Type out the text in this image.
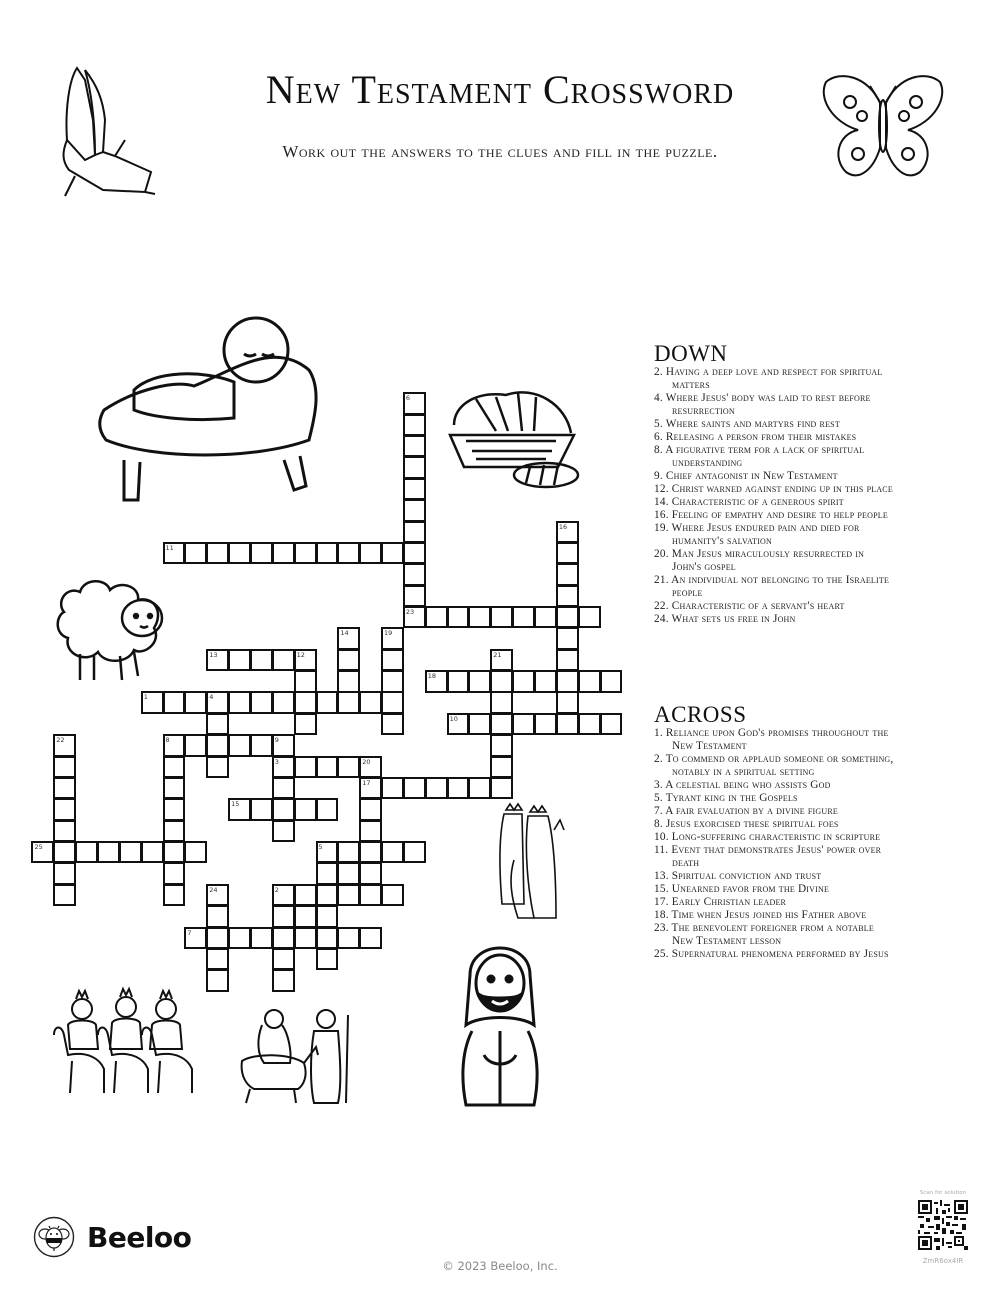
New Testament Crossword
Work out the answers to the clues and fill in the puzzle.
1	4
2
3	20
5
7
8	9
10
11
13	12
15
17
18
23
25
6
14
16
19
21
22
24
DOWN
2. Having a deep love and respect for spiritual matters
4. Where Jesus' body was laid to rest before resurrection
5. Where saints and martyrs find rest
6. Releasing a person from their mistakes
8. A figurative term for a lack of spiritual understanding
9. Chief antagonist in New Testament
12. Christ warned against ending up in this place
14. Characteristic of a generous spirit
16. Feeling of empathy and desire to help people
19. Where Jesus endured pain and died for humanity's salvation
20. Man Jesus miraculously resurrected in John's gospel
21. An individual not belonging to the Israelite people
22. Characteristic of a servant's heart
24. What sets us free in John
ACROSS
1. Reliance upon God's promises throughout the New Testament
2. To commend or applaud someone or something, notably in a spiritual setting
3. A celestial being who assists God
5. Tyrant king in the Gospels
7. A fair evaluation by a divine figure
8. Jesus exorcised these spiritual foes
10. Long-suffering characteristic in scripture
11. Event that demonstrates Jesus' power over death
13. Spiritual conviction and trust
15. Unearned favor from the Divine
17. Early Christian leader
18. Time when Jesus joined his Father above
23. The benevolent foreigner from a notable New Testament lesson
25. Supernatural phenomena performed by Jesus
Beeloo
© 2023 Beeloo, Inc.
Scan for solution
ZmR6ox4IR
